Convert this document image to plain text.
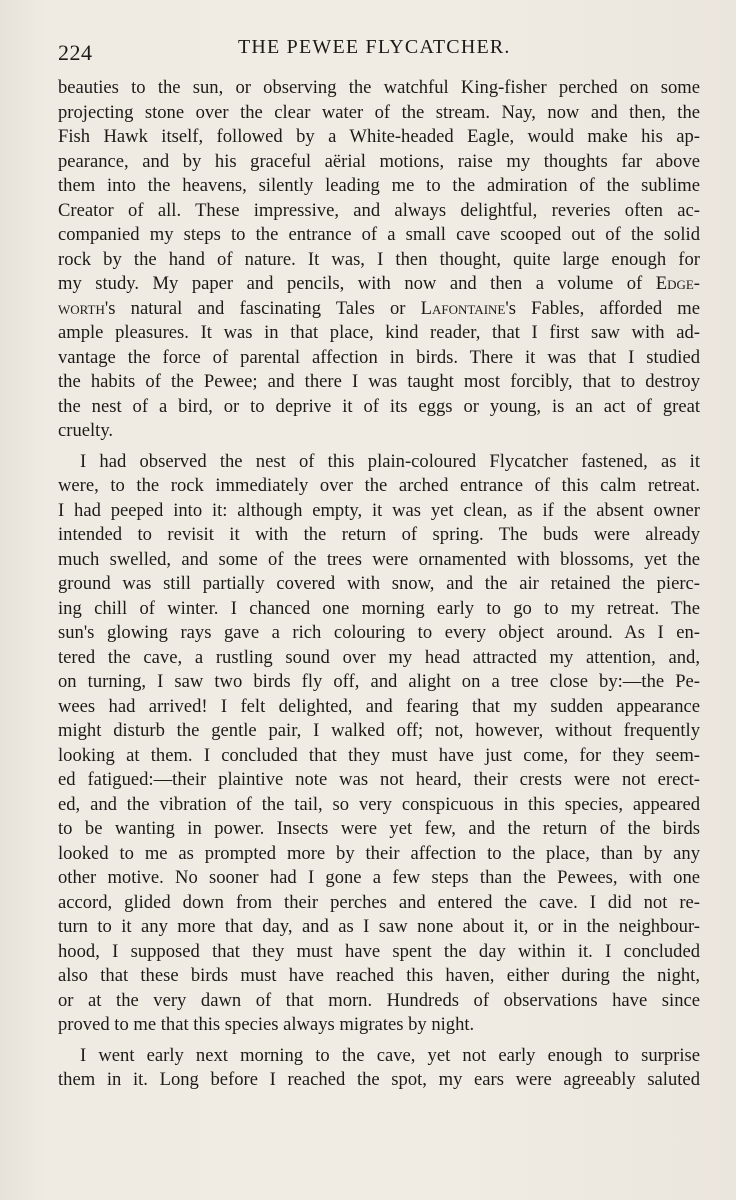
224	THE PEWEE FLYCATCHER.
beauties to the sun, or observing the watchful King-fisher perched on some
projecting stone over the clear water of the stream. Nay, now and then, the
Fish Hawk itself, followed by a White-headed Eagle, would make his ap-
pearance, and by his graceful aërial motions, raise my thoughts far above
them into the heavens, silently leading me to the admiration of the sublime
Creator of all. These impressive, and always delightful, reveries often ac-
companied my steps to the entrance of a small cave scooped out of the solid
rock by the hand of nature. It was, I then thought, quite large enough for
my study. My paper and pencils, with now and then a volume of Edge-
worth's natural and fascinating Tales or Lafontaine's Fables, afforded me
ample pleasures. It was in that place, kind reader, that I first saw with ad-
vantage the force of parental affection in birds. There it was that I studied
the habits of the Pewee; and there I was taught most forcibly, that to destroy
the nest of a bird, or to deprive it of its eggs or young, is an act of great
cruelty.
I had observed the nest of this plain-coloured Flycatcher fastened, as it
were, to the rock immediately over the arched entrance of this calm retreat.
I had peeped into it: although empty, it was yet clean, as if the absent owner
intended to revisit it with the return of spring. The buds were already
much swelled, and some of the trees were ornamented with blossoms, yet the
ground was still partially covered with snow, and the air retained the pierc-
ing chill of winter. I chanced one morning early to go to my retreat. The
sun's glowing rays gave a rich colouring to every object around. As I en-
tered the cave, a rustling sound over my head attracted my attention, and,
on turning, I saw two birds fly off, and alight on a tree close by:—the Pe-
wees had arrived! I felt delighted, and fearing that my sudden appearance
might disturb the gentle pair, I walked off; not, however, without frequently
looking at them. I concluded that they must have just come, for they seem-
ed fatigued:—their plaintive note was not heard, their crests were not erect-
ed, and the vibration of the tail, so very conspicuous in this species, appeared
to be wanting in power. Insects were yet few, and the return of the birds
looked to me as prompted more by their affection to the place, than by any
other motive. No sooner had I gone a few steps than the Pewees, with one
accord, glided down from their perches and entered the cave. I did not re-
turn to it any more that day, and as I saw none about it, or in the neighbour-
hood, I supposed that they must have spent the day within it. I concluded
also that these birds must have reached this haven, either during the night,
or at the very dawn of that morn. Hundreds of observations have since
proved to me that this species always migrates by night.
I went early next morning to the cave, yet not early enough to surprise
them in it. Long before I reached the spot, my ears were agreeably saluted
